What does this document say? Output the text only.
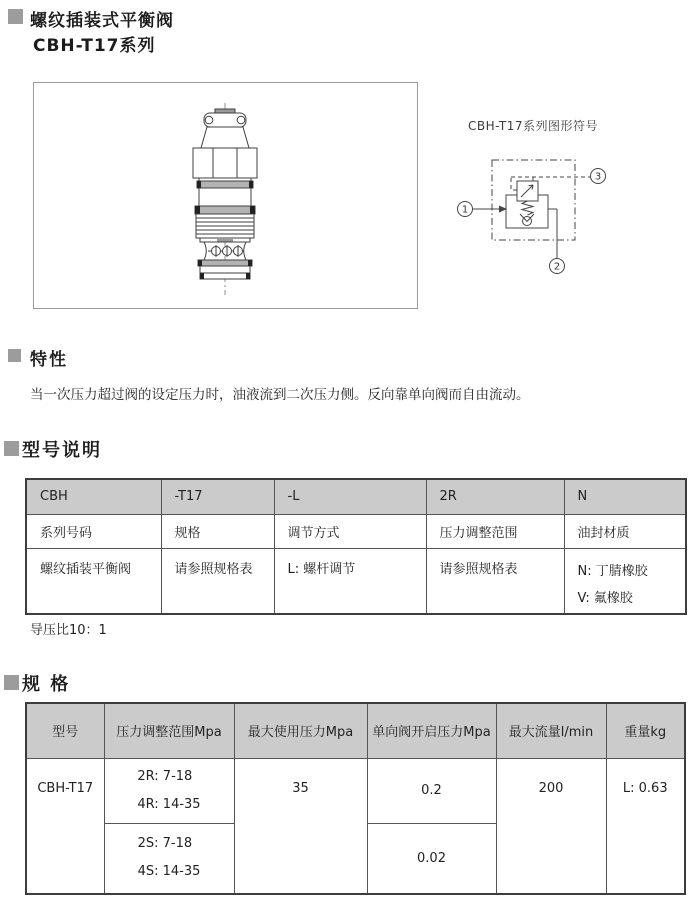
螺纹插装式平衡阀
CBH-T17系列
CBH-T17系列图形符号
1
2
3
特性
当一次压力超过阀的设定压力时，油液流到二次压力侧。反向靠单向阀而自由流动。
型号说明
CBH	-T17	-L	2R	N
系列号码	规格	调节方式	压力调整范围	油封材质
螺纹插装平衡阀	请参照规格表	L: 螺杆调节	请参照规格表	N: 丁腈橡胶
V: 氟橡胶
导压比10：1
规 格
型号	压力调整范围Mpa	最大使用压力Mpa	单向阀开启压力Mpa	最大流量l/min	重量kg

CBH-T17	2R: 7-18
4R: 14-35	35	0.2	200	L: 0.63

	2S: 7-18
4S: 14-35		0.02		
